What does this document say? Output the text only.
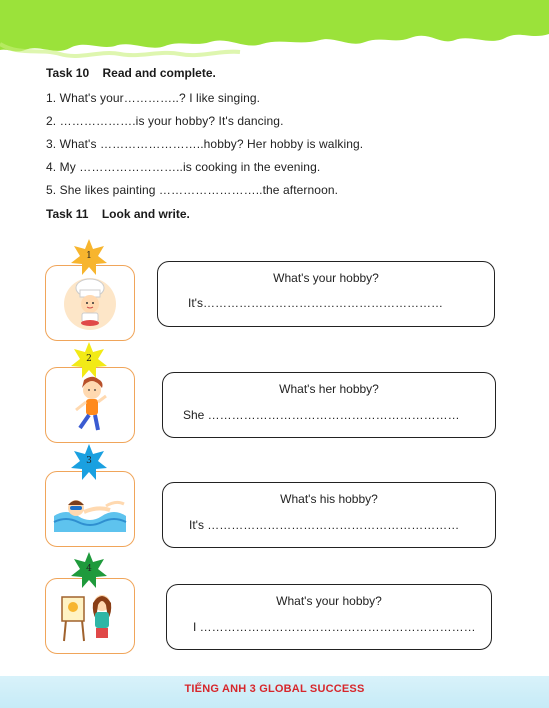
Task 10 Read and complete.
1. What's your…………..? I like singing.
2. ……………….is your hobby? It's dancing.
3. What's ……………………..hobby? Her hobby is walking.
4. My ……………………..is cooking in the evening.
5. She likes painting ……………………..the afternoon.
Task 11 Look and write.
1
What's your hobby?
It's……………………………………………………
2
What's her hobby?
She ………………………………………………………
3
What's his hobby?
It's ………………………………………………………
4
What's your hobby?
I ……………………………………………………………
TIẾNG ANH 3 GLOBAL SUCCESS
